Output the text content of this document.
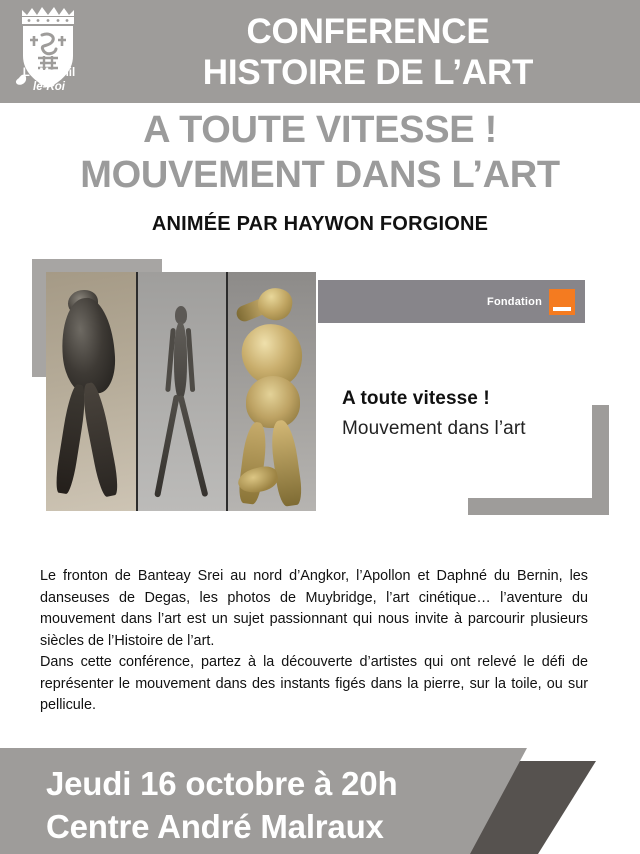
Le Mesnil
le-Roi
CONFERENCE
HISTOIRE DE L’ART
A TOUTE VITESSE !
MOUVEMENT DANS L’ART
ANIMÉE PAR HAYWON FORGIONE
Fondation
A toute vitesse !
Mouvement dans l’art

Le fronton de Banteay Srei au nord d’Angkor, l’Apollon et Daphné du Bernin, les danseuses de Degas, les photos de Muybridge, l’art cinétique… l’aventure du mouvement dans l’art est un sujet passionnant qui nous invite à parcourir plusieurs siècles de l’Histoire de l’art.

Dans cette conférence, partez à la découverte d’artistes qui ont relevé le défi de représenter le mouvement dans des instants figés dans la pierre, sur la toile, ou sur pellicule.

Jeudi 16 octobre à 20h
Centre André Malraux
